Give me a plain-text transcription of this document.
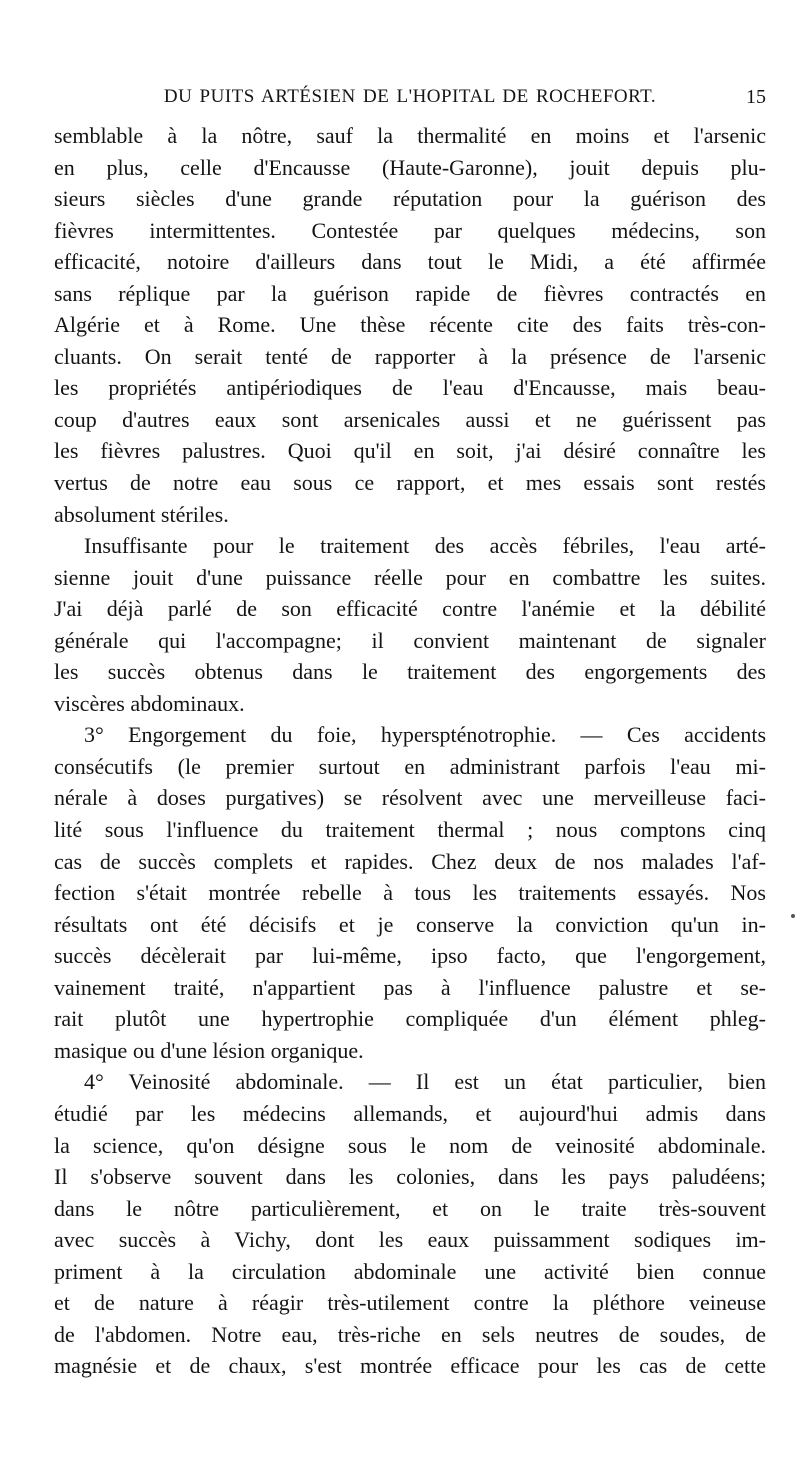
DU PUITS ARTÉSIEN DE L'HOPITAL DE ROCHEFORT.	15
semblable à la nôtre, sauf la thermalité en moins et l'arsenic
en plus, celle d'Encausse (Haute-Garonne), jouit depuis plu-
sieurs siècles d'une grande réputation pour la guérison des
fièvres intermittentes. Contestée par quelques médecins, son
efficacité, notoire d'ailleurs dans tout le Midi, a été affirmée
sans réplique par la guérison rapide de fièvres contractés en
Algérie et à Rome. Une thèse récente cite des faits très-con-
cluants. On serait tenté de rapporter à la présence de l'arsenic
les propriétés antipériodiques de l'eau d'Encausse, mais beau-
coup d'autres eaux sont arsenicales aussi et ne guérissent pas
les fièvres palustres. Quoi qu'il en soit, j'ai désiré connaître les
vertus de notre eau sous ce rapport, et mes essais sont restés
absolument stériles.
Insuffisante pour le traitement des accès fébriles, l'eau arté-
sienne jouit d'une puissance réelle pour en combattre les suites.
J'ai déjà parlé de son efficacité contre l'anémie et la débilité
générale qui l'accompagne; il convient maintenant de signaler
les succès obtenus dans le traitement des engorgements des
viscères abdominaux.
3° Engorgement du foie, hyperspténotrophie. — Ces accidents
consécutifs (le premier surtout en administrant parfois l'eau mi-
nérale à doses purgatives) se résolvent avec une merveilleuse faci-
lité sous l'influence du traitement thermal ; nous comptons cinq
cas de succès complets et rapides. Chez deux de nos malades l'af-
fection s'était montrée rebelle à tous les traitements essayés. Nos
résultats ont été décisifs et je conserve la conviction qu'un in-
succès décèlerait par lui-même, ipso facto, que l'engorgement,
vainement traité, n'appartient pas à l'influence palustre et se-
rait plutôt une hypertrophie compliquée d'un élément phleg-
masique ou d'une lésion organique.
4° Veinosité abdominale. — Il est un état particulier, bien
étudié par les médecins allemands, et aujourd'hui admis dans
la science, qu'on désigne sous le nom de veinosité abdominale.
Il s'observe souvent dans les colonies, dans les pays paludéens;
dans le nôtre particulièrement, et on le traite très-souvent
avec succès à Vichy, dont les eaux puissamment sodiques im-
priment à la circulation abdominale une activité bien connue
et de nature à réagir très-utilement contre la pléthore veineuse
de l'abdomen. Notre eau, très-riche en sels neutres de soudes, de
magnésie et de chaux, s'est montrée efficace pour les cas de cette
